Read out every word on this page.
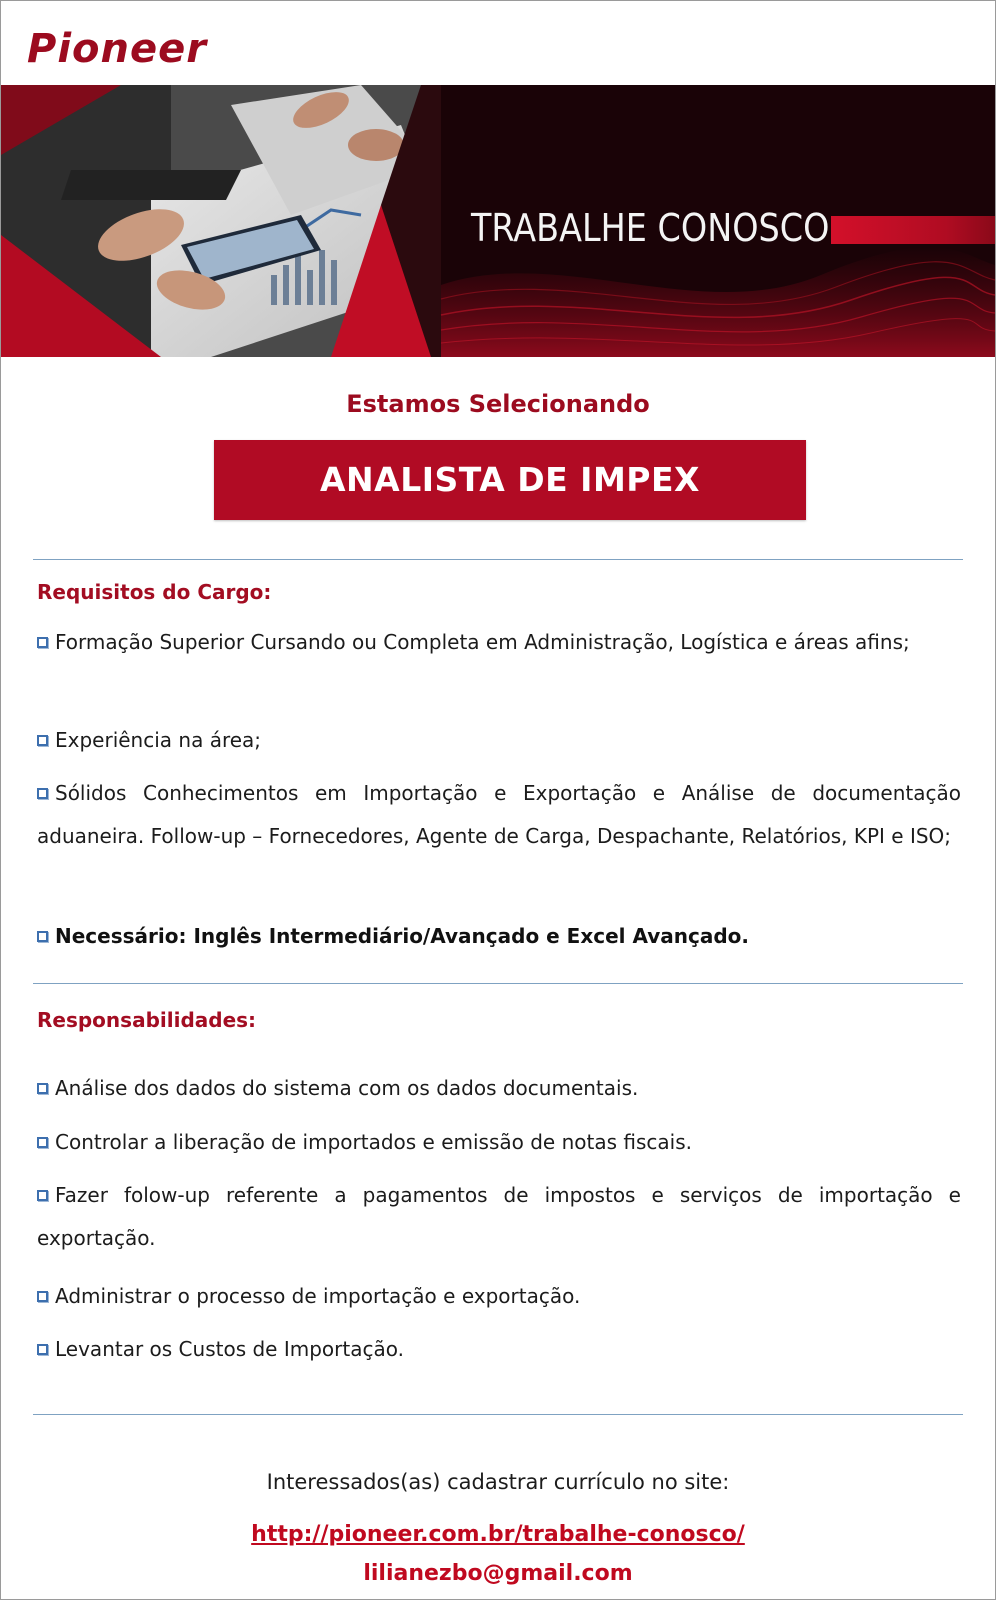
Pioneer
TRABALHE CONOSCO
Estamos Selecionando
ANALISTA DE IMPEX
Requisitos do Cargo:
Formação Superior Cursando ou Completa em Administração, Logística e áreas afins;
Experiência na área;
Sólidos Conhecimentos em Importação e Exportação e Análise de documentação aduaneira. Follow-up – Fornecedores, Agente de Carga, Despachante, Relatórios, KPI e ISO;
Necessário: Inglês Intermediário/Avançado e Excel Avançado.
Responsabilidades:
Análise dos dados do sistema com os dados documentais.
Controlar a liberação de importados e emissão de notas fiscais.
Fazer folow-up referente a pagamentos de impostos e serviços de importação e exportação.
Administrar o processo de importação e exportação.
Levantar os Custos de Importação.
Interessados(as) cadastrar currículo no site:
http://pioneer.com.br/trabalhe-conosco/
lilianezbo@gmail.com
